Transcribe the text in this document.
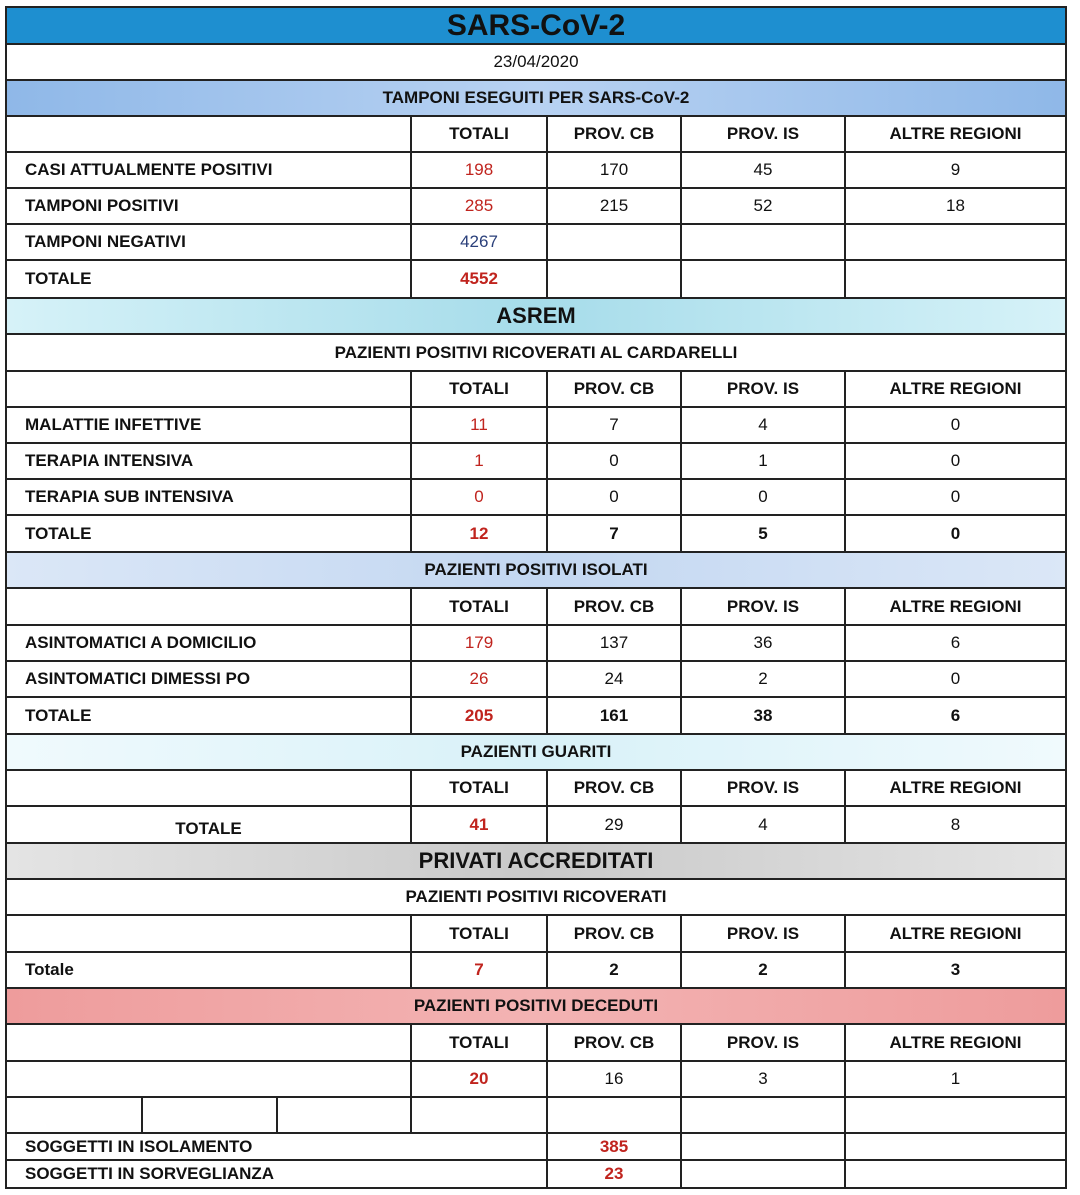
SARS-CoV-2
23/04/2020
TAMPONI ESEGUITI PER SARS-CoV-2
TOTALI	PROV. CB	PROV. IS	ALTRE REGIONI
CASI ATTUALMENTE POSITIVI	198	170	45	9
TAMPONI POSITIVI	285	215	52	18
TAMPONI NEGATIVI	4267
TOTALE	4552
ASREM
PAZIENTI POSITIVI RICOVERATI AL CARDARELLI
TOTALI	PROV. CB	PROV. IS	ALTRE REGIONI
MALATTIE INFETTIVE	11	7	4	0
TERAPIA INTENSIVA	1	0	1	0
TERAPIA SUB INTENSIVA	0	0	0	0
TOTALE	12	7	5	0
PAZIENTI POSITIVI ISOLATI
TOTALI	PROV. CB	PROV. IS	ALTRE REGIONI
ASINTOMATICI A DOMICILIO	179	137	36	6
ASINTOMATICI DIMESSI PO	26	24	2	0
TOTALE	205	161	38	6
PAZIENTI GUARITI
TOTALI	PROV. CB	PROV. IS	ALTRE REGIONI
TOTALE	41	29	4	8
PRIVATI ACCREDITATI
PAZIENTI POSITIVI RICOVERATI
TOTALI	PROV. CB	PROV. IS	ALTRE REGIONI
Totale	7	2	2	3
PAZIENTI POSITIVI DECEDUTI
TOTALI	PROV. CB	PROV. IS	ALTRE REGIONI
20	16	3	1
SOGGETTI IN ISOLAMENTO	385
SOGGETTI IN SORVEGLIANZA	23
